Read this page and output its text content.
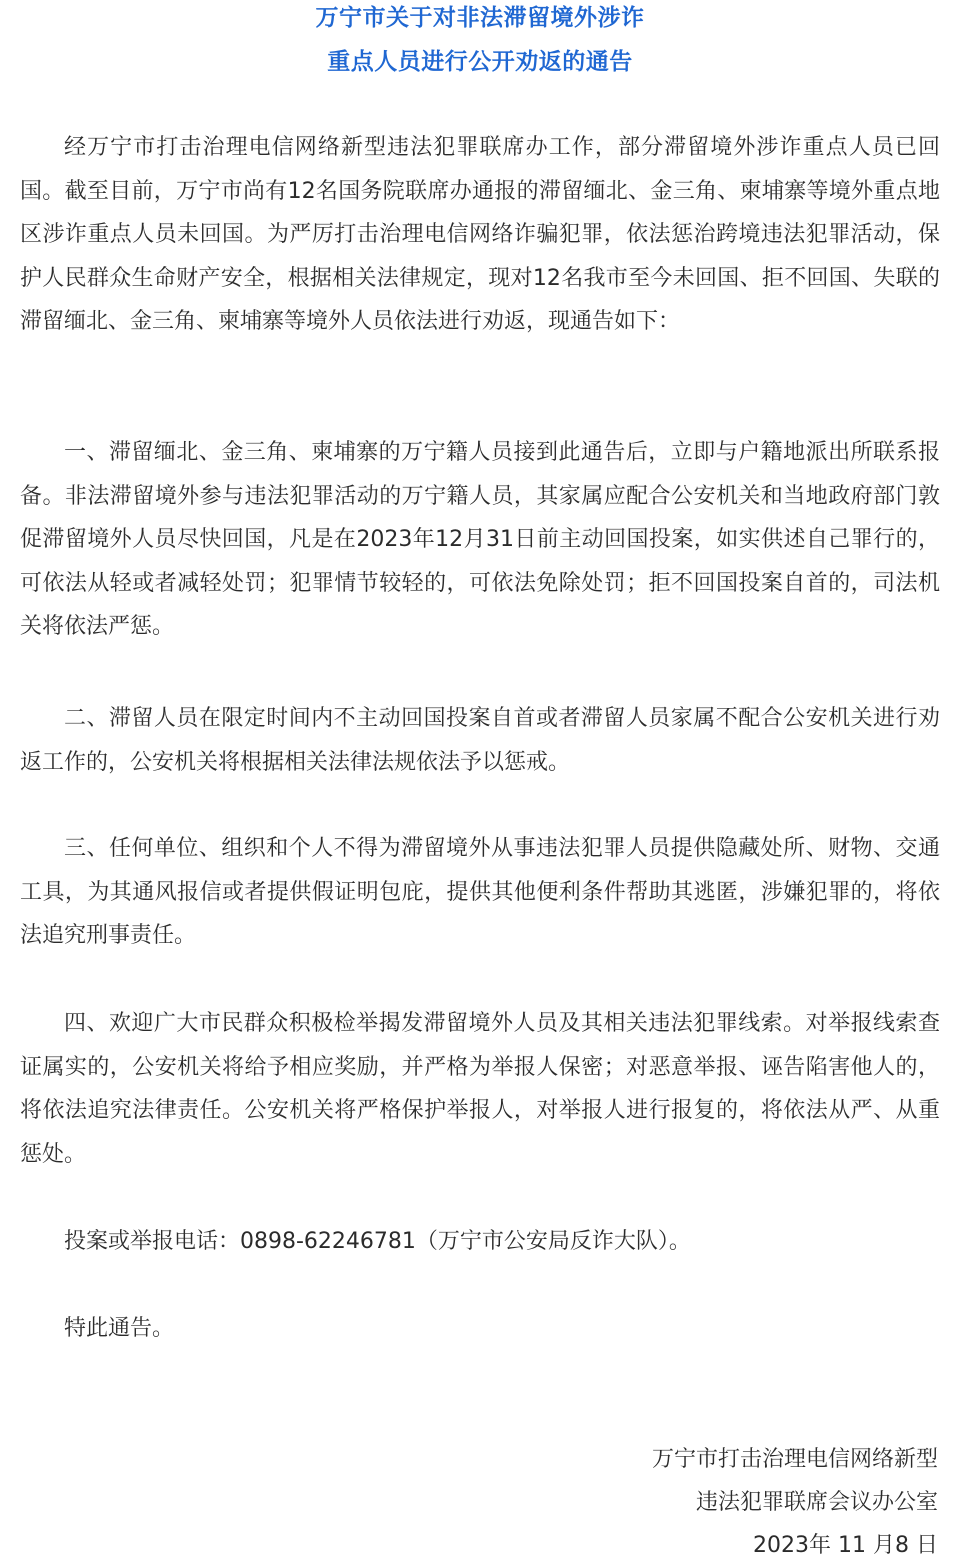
万宁市关于对非法滞留境外涉诈
重点人员进行公开劝返的通告

经万宁市打击治理电信网络新型违法犯罪联席办工作，部分滞留境外涉诈重点人员已回国。截至目前，万宁市尚有12名国务院联席办通报的滞留缅北、金三角、柬埔寨等境外重点地区涉诈重点人员未回国。为严厉打击治理电信网络诈骗犯罪，依法惩治跨境违法犯罪活动，保护人民群众生命财产安全，根据相关法律规定，现对12名我市至今未回国、拒不回国、失联的滞留缅北、金三角、柬埔寨等境外人员依法进行劝返，现通告如下：

一、滞留缅北、金三角、柬埔寨的万宁籍人员接到此通告后，立即与户籍地派出所联系报备。非法滞留境外参与违法犯罪活动的万宁籍人员，其家属应配合公安机关和当地政府部门敦促滞留境外人员尽快回国，凡是在2023年12月31日前主动回国投案，如实供述自己罪行的，可依法从轻或者减轻处罚；犯罪情节较轻的，可依法免除处罚；拒不回国投案自首的，司法机关将依法严惩。

二、滞留人员在限定时间内不主动回国投案自首或者滞留人员家属不配合公安机关进行劝返工作的，公安机关将根据相关法律法规依法予以惩戒。

三、任何单位、组织和个人不得为滞留境外从事违法犯罪人员提供隐藏处所、财物、交通工具，为其通风报信或者提供假证明包庇，提供其他便利条件帮助其逃匿，涉嫌犯罪的，将依法追究刑事责任。

四、欢迎广大市民群众积极检举揭发滞留境外人员及其相关违法犯罪线索。对举报线索查证属实的，公安机关将给予相应奖励，并严格为举报人保密；对恶意举报、诬告陷害他人的，将依法追究法律责任。公安机关将严格保护举报人，对举报人进行报复的，将依法从严、从重惩处。

投案或举报电话：0898-62246781（万宁市公安局反诈大队）。

特此通告。

万宁市打击治理电信网络新型
违法犯罪联席会议办公室
2023年 11 月8 日
